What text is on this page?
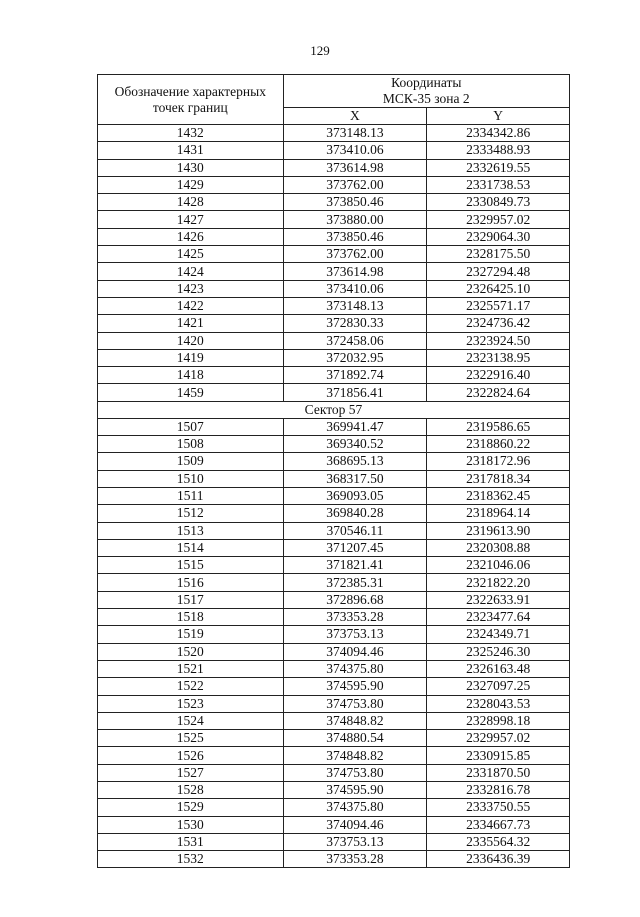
129
Обозначение характерных точек границ	Координаты
МСК-35 зона 2	

	X	Y
1432	373148.13	2334342.86
1431	373410.06	2333488.93
1430	373614.98	2332619.55
1429	373762.00	2331738.53
1428	373850.46	2330849.73
1427	373880.00	2329957.02
1426	373850.46	2329064.30
1425	373762.00	2328175.50
1424	373614.98	2327294.48
1423	373410.06	2326425.10
1422	373148.13	2325571.17
1421	372830.33	2324736.42
1420	372458.06	2323924.50
1419	372032.95	2323138.95
1418	371892.74	2322916.40
1459	371856.41	2322824.64
Сектор 57		
1507	369941.47	2319586.65
1508	369340.52	2318860.22
1509	368695.13	2318172.96
1510	368317.50	2317818.34
1511	369093.05	2318362.45
1512	369840.28	2318964.14
1513	370546.11	2319613.90
1514	371207.45	2320308.88
1515	371821.41	2321046.06
1516	372385.31	2321822.20
1517	372896.68	2322633.91
1518	373353.28	2323477.64
1519	373753.13	2324349.71
1520	374094.46	2325246.30
1521	374375.80	2326163.48
1522	374595.90	2327097.25
1523	374753.80	2328043.53
1524	374848.82	2328998.18
1525	374880.54	2329957.02
1526	374848.82	2330915.85
1527	374753.80	2331870.50
1528	374595.90	2332816.78
1529	374375.80	2333750.55
1530	374094.46	2334667.73
1531	373753.13	2335564.32
1532	373353.28	2336436.39
